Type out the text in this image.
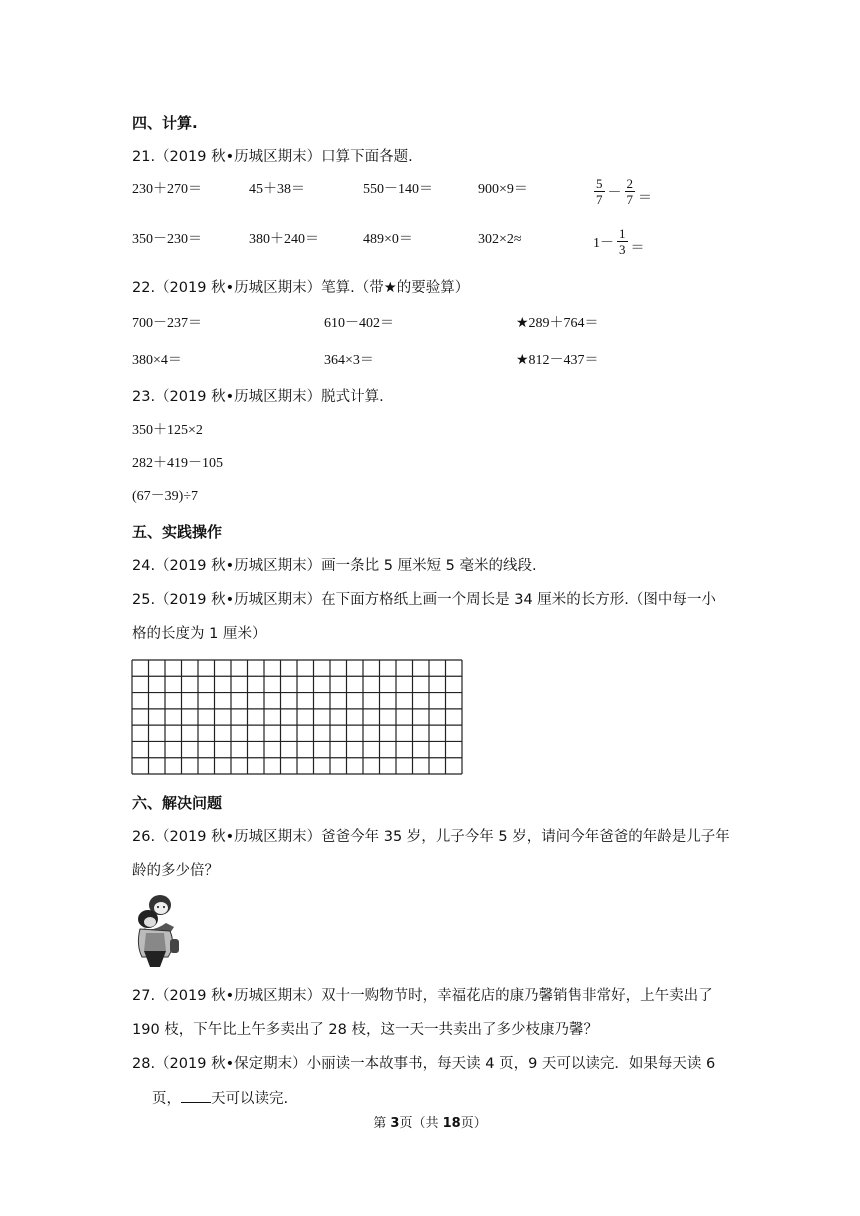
四、计算.
21.（2019 秋•历城区期末）口算下面各题.
230＋270＝	45＋38＝	550－140＝	900×9＝	$\frac{5}{7} - \frac{2}{7}$ ＝
350－230＝	380＋240＝	489×0＝	302×2≈	$1- \frac{1}{3}$ ＝
22.（2019 秋•历城区期末）笔算.（带★的要验算）
700－237＝	610－402＝	★289＋764＝
380×4＝	364×3＝	★812－437＝
23.（2019 秋•历城区期末）脱式计算.
350＋125×2
282＋419－105
(67－39)÷7
五、实践操作
24.（2019 秋•历城区期末）画一条比 5 厘米短 5 毫米的线段.
25.（2019 秋•历城区期末）在下面方格纸上画一个周长是 34 厘米的长方形.（图中每一小
格的长度为 1 厘米）
六、解决问题
26.（2019 秋•历城区期末）爸爸今年 35 岁，儿子今年 5 岁，请问今年爸爸的年龄是儿子年
龄的多少倍？
27.（2019 秋•历城区期末）双十一购物节时，幸福花店的康乃馨销售非常好，上午卖出了
190 枝，下午比上午多卖出了 28 枝，这一天一共卖出了多少枝康乃馨？
28.（2019 秋•保定期末）小丽读一本故事书，每天读 4 页，9 天可以读完．如果每天读 6
页， 天可以读完.
第 3页（共 18页）
